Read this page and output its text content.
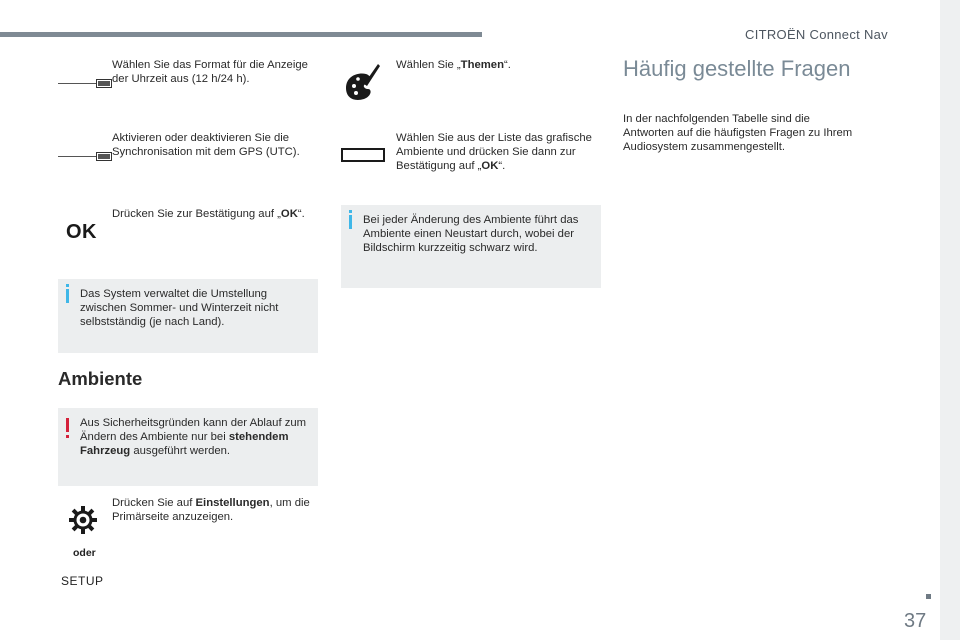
CITROËN Connect Nav
37
Wählen Sie das Format für die Anzeige der Uhrzeit aus (12 h/24 h).
Aktivieren oder deaktivieren Sie die Synchronisation mit dem GPS (UTC).
OK
Drücken Sie zur Bestätigung auf „OK“.
Das System verwaltet die Umstellung zwischen Sommer- und Winterzeit nicht selbstständig (je nach Land).
Ambiente
Aus Sicherheitsgründen kann der Ablauf zum Ändern des Ambiente nur bei stehendem Fahrzeug ausgeführt werden.
Drücken Sie auf Einstellungen, um die Primärseite anzuzeigen.
oder
SETUP
Wählen Sie „Themen“.
Wählen Sie aus der Liste das grafische Ambiente und drücken Sie dann zur Bestätigung auf „OK“.
Bei jeder Änderung des Ambiente führt das Ambiente einen Neustart durch, wobei der Bildschirm kurzzeitig schwarz wird.
Häufig gestellte Fragen
In der nachfolgenden Tabelle sind die Antworten auf die häufigsten Fragen zu Ihrem Audiosystem zusammengestellt.
